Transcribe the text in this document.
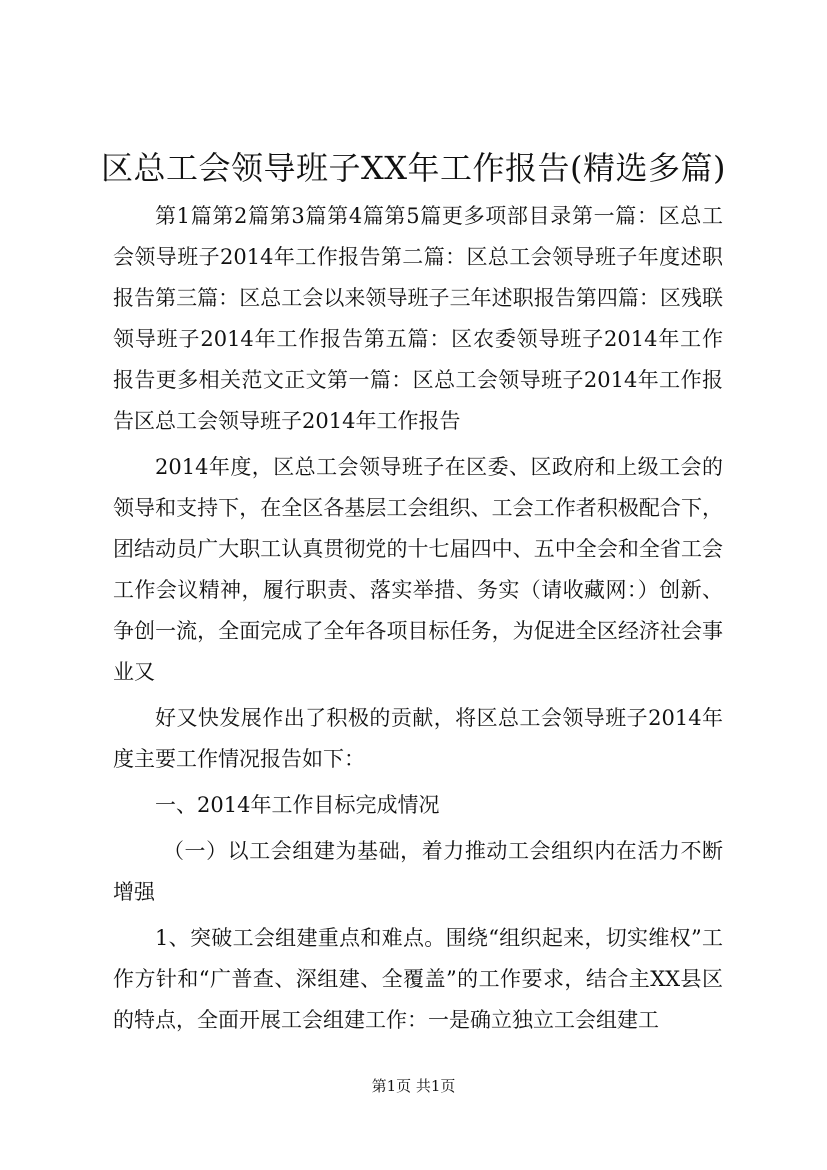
区总工会领导班子XX年工作报告(精选多篇)

第1篇第2篇第3篇第4篇第5篇更多项部目录第一篇：区总工会领导班子2014年工作报告第二篇：区总工会领导班子年度述职报告第三篇：区总工会以来领导班子三年述职报告第四篇：区残联领导班子2014年工作报告第五篇：区农委领导班子2014年工作报告更多相关范文正文第一篇：区总工会领导班子2014年工作报告区总工会领导班子2014年工作报告

2014年度，区总工会领导班子在区委、区政府和上级工会的领导和支持下，在全区各基层工会组织、工会工作者积极配合下，团结动员广大职工认真贯彻党的十七届四中、五中全会和全省工会工作会议精神，履行职责、落实举措、务实（请收藏网：）创新、争创一流，全面完成了全年各项目标任务，为促进全区经济社会事业又

好又快发展作出了积极的贡献，将区总工会领导班子2014年度主要工作情况报告如下：

一、2014年工作目标完成情况

（一）以工会组建为基础，着力推动工会组织内在活力不断增强

1、突破工会组建重点和难点。围绕“组织起来，切实维权”工作方针和“广普查、深组建、全覆盖”的工作要求，结合主XX县区的特点，全面开展工会组建工作：一是确立独立工会组建工

第1页 共1页
